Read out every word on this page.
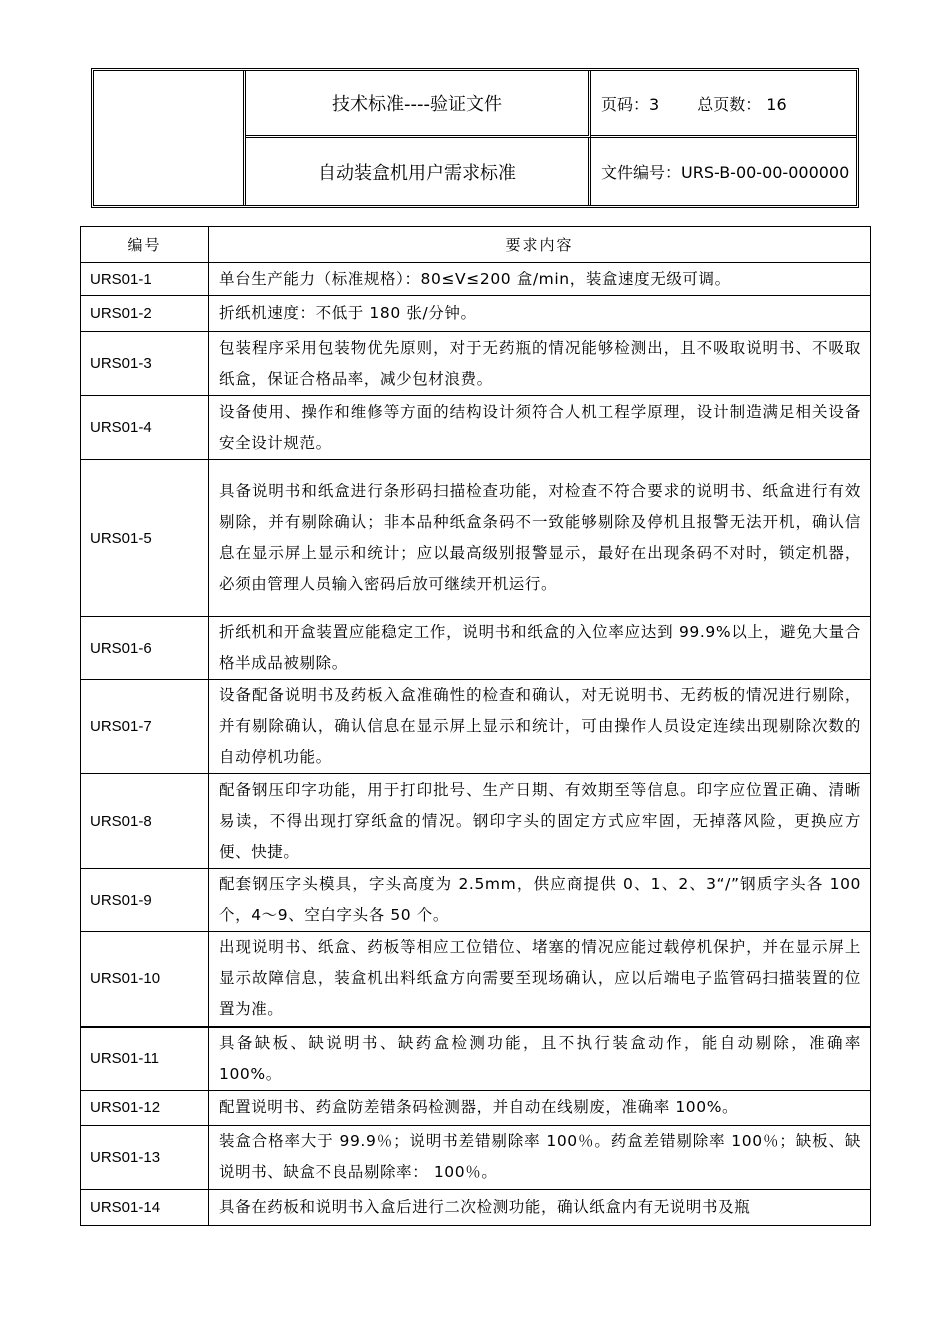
技术标准----验证文件	页码：3 总页数： 16
自动装盒机用户需求标准	文件编号：URS-B-00-00-000000
编号	要求内容
URS01-1	单台生产能力（标准规格）：80≤V≤200 盒/min，装盒速度无级可调。
URS01-2	折纸机速度：不低于 180 张/分钟。
URS01-3	包装程序采用包装物优先原则，对于无药瓶的情况能够检测出，且不吸取说明书、不吸取纸盒，保证合格品率，减少包材浪费。
URS01-4	设备使用、操作和维修等方面的结构设计须符合人机工程学原理，设计制造满足相关设备安全设计规范。
URS01-5	具备说明书和纸盒进行条形码扫描检查功能，对检查不符合要求的说明书、纸盒进行有效剔除，并有剔除确认；非本品种纸盒条码不一致能够剔除及停机且报警无法开机，确认信息在显示屏上显示和统计；应以最高级别报警显示，最好在出现条码不对时，锁定机器，必须由管理人员输入密码后放可继续开机运行。
URS01-6	折纸机和开盒装置应能稳定工作，说明书和纸盒的入位率应达到 99.9%以上，避免大量合格半成品被剔除。
URS01-7	设备配备说明书及药板入盒准确性的检查和确认，对无说明书、无药板的情况进行剔除，并有剔除确认，确认信息在显示屏上显示和统计，可由操作人员设定连续出现剔除次数的自动停机功能。
URS01-8	配备钢压印字功能，用于打印批号、生产日期、有效期至等信息。印字应位置正确、清晰易读，不得出现打穿纸盒的情况。钢印字头的固定方式应牢固，无掉落风险，更换应方便、快捷。
URS01-9	配套钢压字头模具，字头高度为 2.5mm，供应商提供 0、1、2、3“/”钢质字头各 100 个，4～9、空白字头各 50 个。
URS01-10	出现说明书、纸盒、药板等相应工位错位、堵塞的情况应能过载停机保护，并在显示屏上显示故障信息，装盒机出料纸盒方向需要至现场确认，应以后端电子监管码扫描装置的位置为准。
URS01-11	具备缺板、缺说明书、缺药盒检测功能，且不执行装盒动作，能自动剔除，准确率 100%。
URS01-12	配置说明书、药盒防差错条码检测器，并自动在线剔废，准确率 100%。
URS01-13	装盒合格率大于 99.9％；说明书差错剔除率 100％。药盒差错剔除率 100％；缺板、缺说明书、缺盒不良品剔除率： 100％。
URS01-14	具备在药板和说明书入盒后进行二次检测功能，确认纸盒内有无说明书及瓶
